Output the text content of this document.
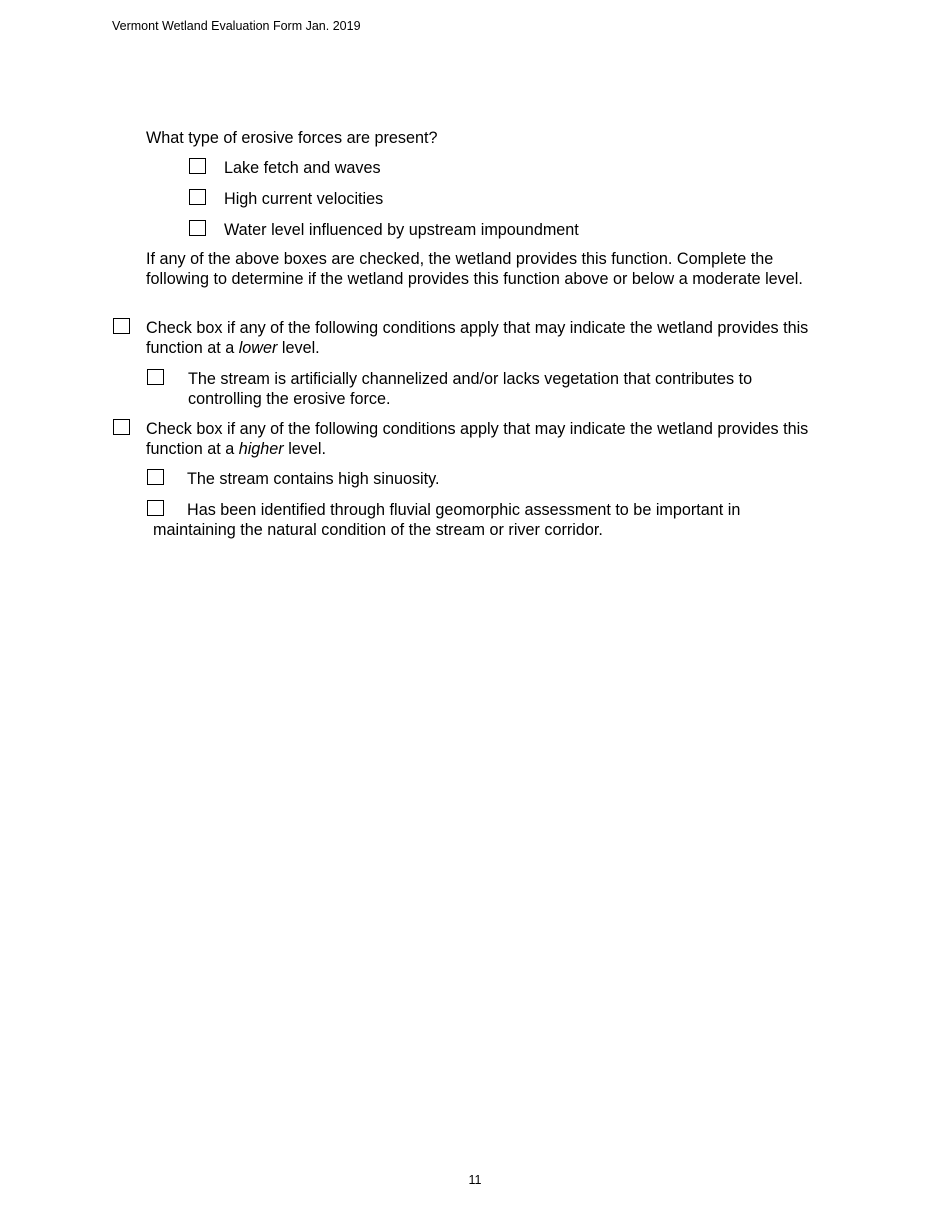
Vermont Wetland Evaluation Form Jan. 2019
What type of erosive forces are present?
Lake fetch and waves
High current velocities
Water level influenced by upstream impoundment
If any of the above boxes are checked, the wetland provides this function. Complete the following to determine if the wetland provides this function above or below a moderate level.
Check box if any of the following conditions apply that may indicate the wetland provides this function at a lower level.
The stream is artificially channelized and/or lacks vegetation that contributes to controlling the erosive force.
Check box if any of the following conditions apply that may indicate the wetland provides this function at a higher level.
The stream contains high sinuosity.
Has been identified through fluvial geomorphic assessment to be important in maintaining the natural condition of the stream or river corridor.
11
